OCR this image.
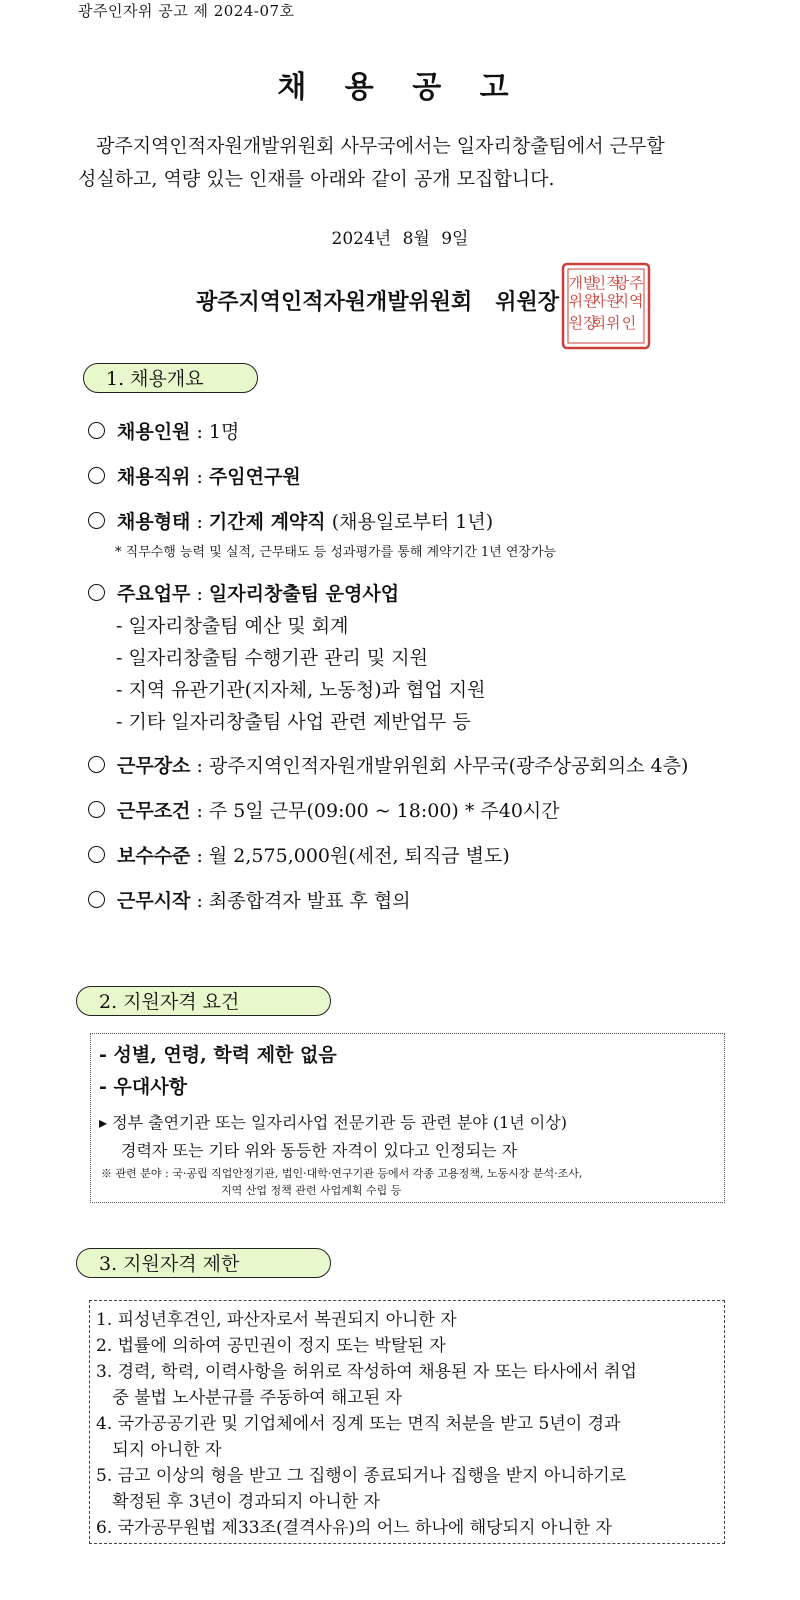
광주인자위 공고 제 2024-07호
채 용 공 고
광주지역인적자원개발위원회 사무국에서는 일자리창출팀에서 근무할
성실하고, 역량 있는 인재를 아래와 같이 공개 모집합니다.
2024년 8월 9일
광주지역인적자원개발위원회   위원장
광주
지역
인적
자원
개발
위원
회위
원장 인
1. 채용개요
채용인원 : 1명
채용직위 : 주임연구원
채용형태 : 기간제 계약직 (채용일로부터 1년)
* 직무수행 능력 및 실적, 근무태도 등 성과평가를 통해 계약기간 1년 연장가능
주요업무 : 일자리창출팀 운영사업
- 일자리창출팀 예산 및 회계
- 일자리창출팀 수행기관 관리 및 지원
- 지역 유관기관(지자체, 노동청)과 협업 지원
- 기타 일자리창출팀 사업 관련 제반업무 등
근무장소 : 광주지역인적자원개발위원회 사무국(광주상공회의소 4층)
근무조건 : 주 5일 근무(09:00 ~ 18:00) * 주40시간
보수수준 : 월 2,575,000원(세전, 퇴직금 별도)
근무시작 : 최종합격자 발표 후 협의
2. 지원자격 요건
- 성별, 연령, 학력 제한 없음
- 우대사항
▸ 정부 출연기관 또는 일자리사업 전문기관 등 관련 분야 (1년 이상)
경력자 또는 기타 위와 동등한 자격이 있다고 인정되는 자
※ 관련 분야 : 국·공립 직업안정기관, 법인·대학·연구기관 등에서 각종 고용정책, 노동시장 분석·조사,
지역 산업 정책 관련 사업계획 수립 등
3. 지원자격 제한
1. 피성년후견인, 파산자로서 복권되지 아니한 자
2. 법률에 의하여 공민권이 정지 또는 박탈된 자
3. 경력, 학력, 이력사항을 허위로 작성하여 채용된 자 또는 타사에서 취업
중 불법 노사분규를 주동하여 해고된 자
4. 국가공공기관 및 기업체에서 징계 또는 면직 처분을 받고 5년이 경과
되지 아니한 자
5. 금고 이상의 형을 받고 그 집행이 종료되거나 집행을 받지 아니하기로
확정된 후 3년이 경과되지 아니한 자
6. 국가공무원법 제33조(결격사유)의 어느 하나에 해당되지 아니한 자
